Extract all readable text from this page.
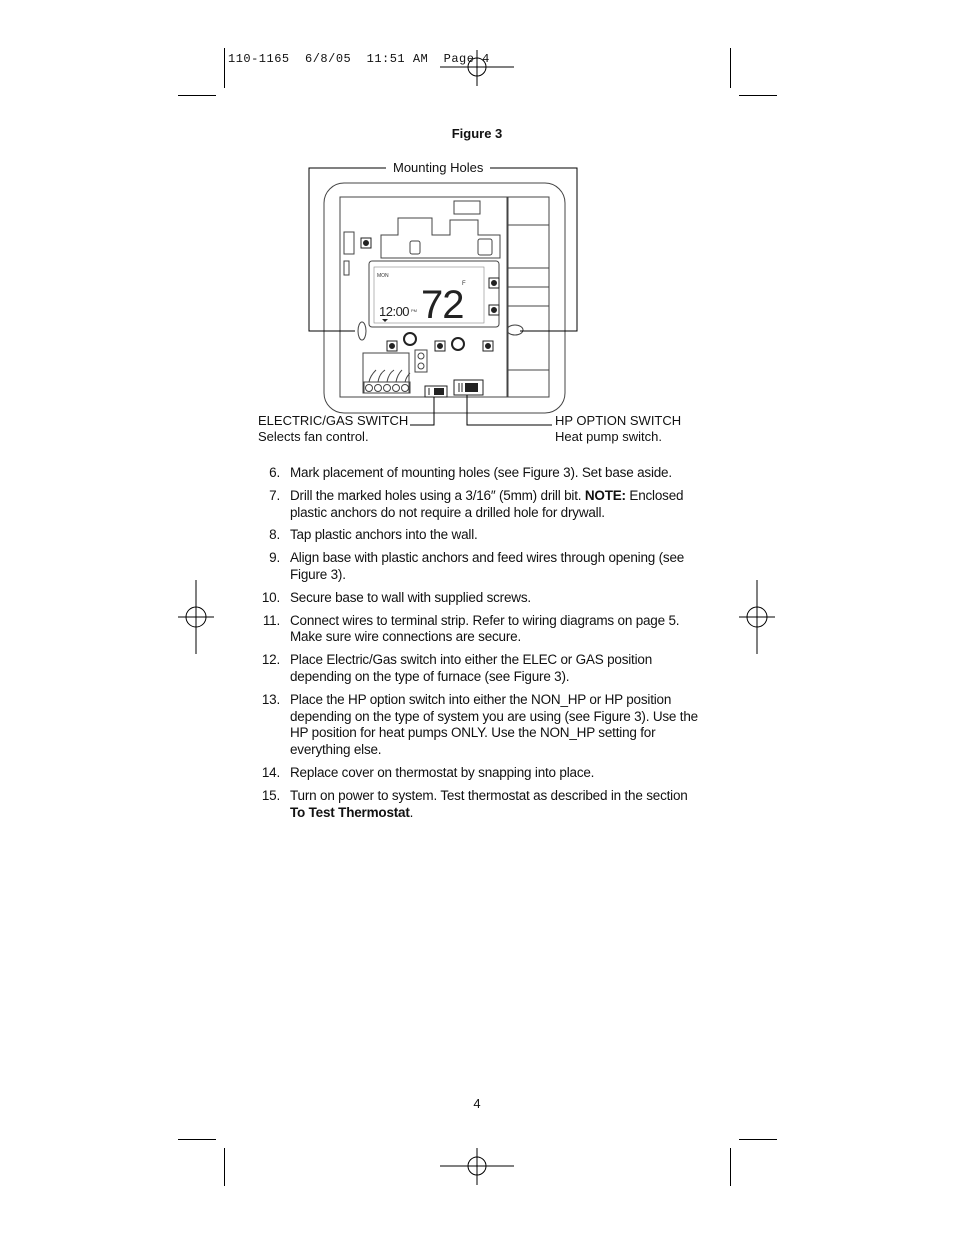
110-1165  6/8/05  11:51 AM  Page 4
Figure 3
MON
72
F
12:00 PM
Mounting Holes
ELECTRIC/GAS SWITCH
Selects fan control.
HP OPTION SWITCH
Heat pump switch.
6. Mark placement of mounting holes (see Figure 3). Set base aside.
7. Drill the marked holes using a 3/16″ (5mm) drill bit. NOTE: Enclosed plastic anchors do not require a drilled hole for drywall.
8. Tap plastic anchors into the wall.
9. Align base with plastic anchors and feed wires through opening (see Figure 3).
10. Secure base to wall with supplied screws.
11. Connect wires to terminal strip. Refer to wiring diagrams on page 5. Make sure wire connections are secure.
12. Place Electric/Gas switch into either the ELEC or GAS position depending on the type of furnace (see Figure 3).
13. Place the HP option switch into either the NON_HP or HP position depending on the type of system you are using (see Figure 3). Use the HP position for heat pumps ONLY. Use the NON_HP setting for everything else.
14. Replace cover on thermostat by snapping into place.
15. Turn on power to system. Test thermostat as described in the section To Test Thermostat.
4
